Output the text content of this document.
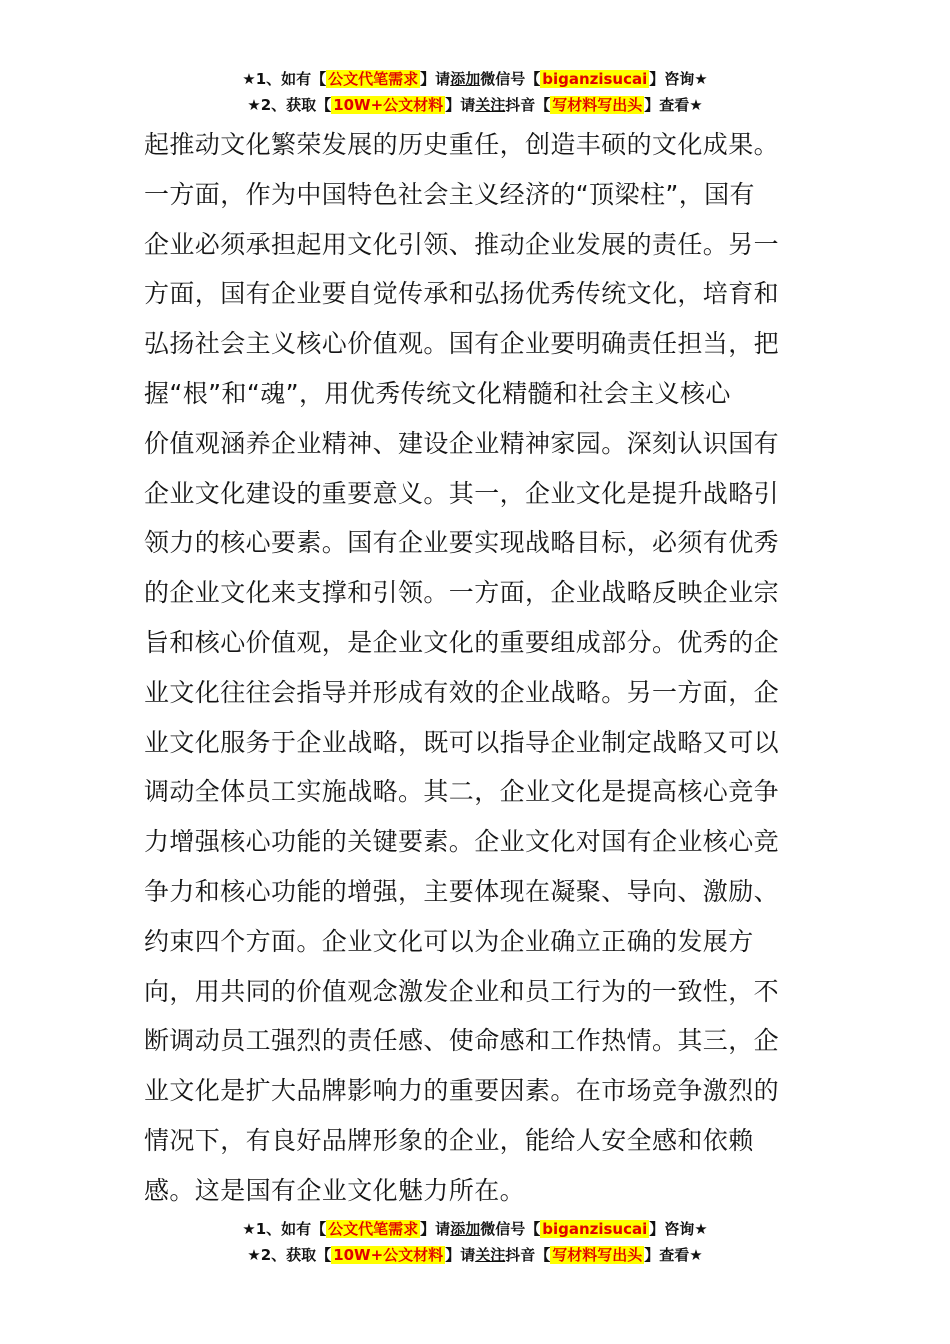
★1、如有【 公文代笔需求 】请添加微信号【 biganzisucai 】咨询★
★2、获取【 10W+公文材料 】请关注抖音【 写材料写出头 】查看★
起推动文化繁荣发展的历史重任，创造丰硕的文化成果。
一方面，作为中国特色社会主义经济的“顶梁柱”，国有
企业必须承担起用文化引领、推动企业发展的责任。另一
方面，国有企业要自觉传承和弘扬优秀传统文化，培育和
弘扬社会主义核心价值观。国有企业要明确责任担当，把
握“根”和“魂”，用优秀传统文化精髓和社会主义核心
价值观涵养企业精神、建设企业精神家园。深刻认识国有
企业文化建设的重要意义。其一，企业文化是提升战略引
领力的核心要素。国有企业要实现战略目标，必须有优秀
的企业文化来支撑和引领。一方面，企业战略反映企业宗
旨和核心价值观，是企业文化的重要组成部分。优秀的企
业文化往往会指导并形成有效的企业战略。另一方面，企
业文化服务于企业战略，既可以指导企业制定战略又可以
调动全体员工实施战略。其二，企业文化是提高核心竞争
力增强核心功能的关键要素。企业文化对国有企业核心竞
争力和核心功能的增强，主要体现在凝聚、导向、激励、
约束四个方面。企业文化可以为企业确立正确的发展方
向，用共同的价值观念激发企业和员工行为的一致性，不
断调动员工强烈的责任感、使命感和工作热情。其三，企
业文化是扩大品牌影响力的重要因素。在市场竞争激烈的
情况下，有良好品牌形象的企业，能给人安全感和依赖
感。这是国有企业文化魅力所在。
★1、如有【 公文代笔需求 】请添加微信号【 biganzisucai 】咨询★
★2、获取【 10W+公文材料 】请关注抖音【 写材料写出头 】查看★
